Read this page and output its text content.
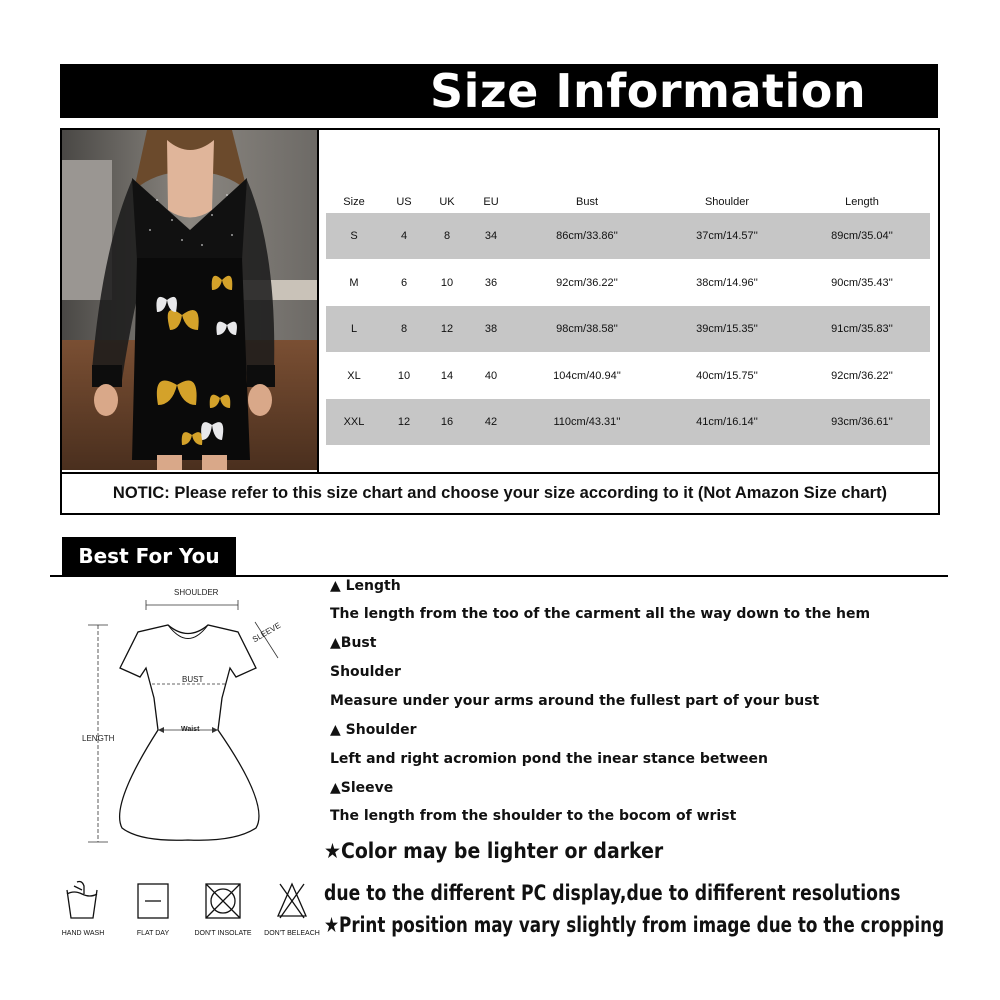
Size Information
Size	US	UK	EU	Bust	Shoulder	Length
S	4	8	34	86cm/33.86''	37cm/14.57''	89cm/35.04''
M	6	10	36	92cm/36.22''	38cm/14.96''	90cm/35.43''
L	8	12	38	98cm/38.58''	39cm/15.35''	91cm/35.83''
XL	10	14	40	104cm/40.94''	40cm/15.75''	92cm/36.22''
XXL	12	16	42	110cm/43.31''	41cm/16.14''	93cm/36.61''
NOTIC: Please refer to this size chart and choose your size according to it (Not Amazon Size chart)
Best For You
SHOULDER
SLEEVE
BUST
Waist
LENGTH
▲ Length
The length from the too of the carment all the way down to the hem
▲Bust
Shoulder
Measure under your arms around the fullest part of your bust
▲ Shoulder
Left and right acromion pond the inear stance between
▲Sleeve
The length from the shoulder to the bocom of wrist
★Color may be lighter or darker
due to the different PC display,due to dififerent resolutions
★Print position may vary slightly from image due to the cropping
HAND WASH	FLAT DAY	DON'T INSOLATE	DON'T BELEACH
